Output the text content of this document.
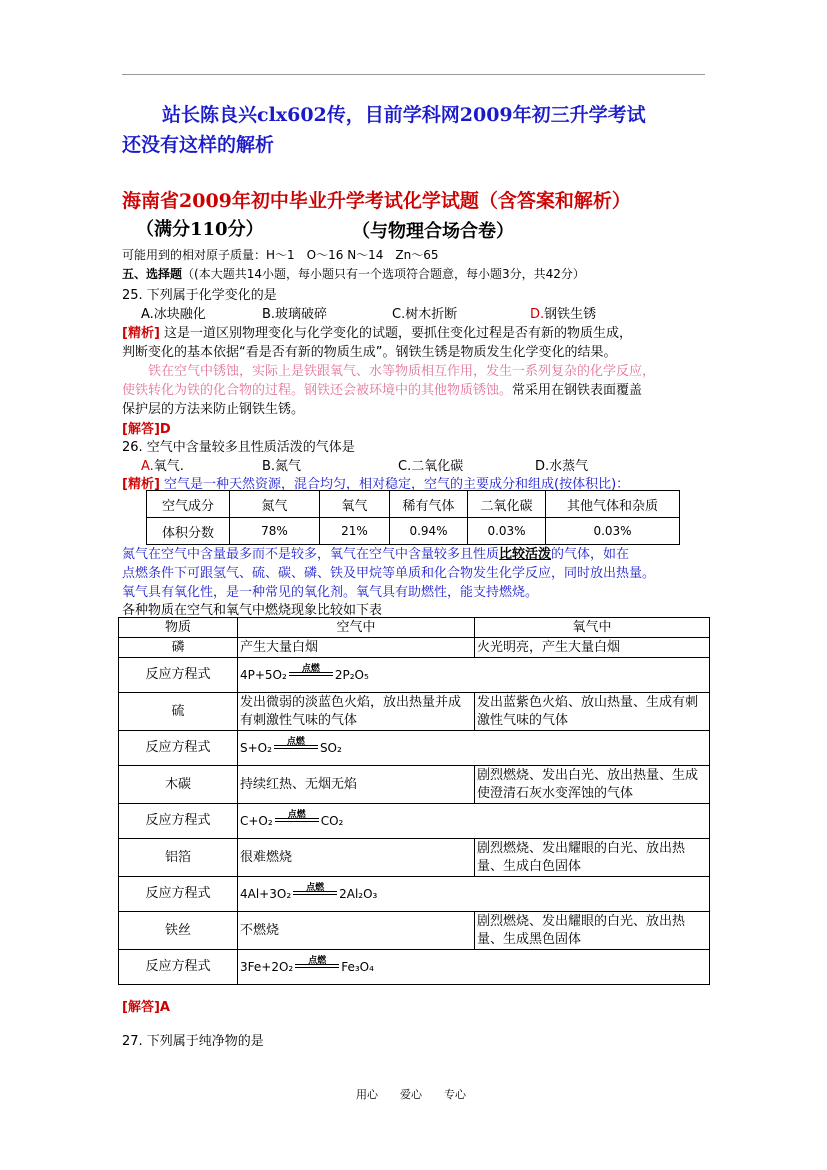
站长陈良兴clx602传，目前学科网2009年初三升学考试
还没有这样的解析
海南省2009年初中毕业升学考试化学试题（含答案和解析）
（满分110分）	（与物理合场合卷）
可能用到的相对原子质量：H～1　O～16 N～14　Zn～65
五、选择题（(本大题共14小题，每小题只有一个选项符合题意，每小题3分，共42分）
25. 下列属于化学变化的是
A.冰块融化	B.玻璃破碎	C.树木折断	D.钢铁生锈
[精析] 这是一道区别物理变化与化学变化的试题，要抓住变化过程是否有新的物质生成，
判断变化的基本依据“看是否有新的物质生成”。钢铁生锈是物质发生化学变化的结果。
铁在空气中锈蚀，实际上是铁跟氧气、水等物质相互作用，发生一系列复杂的化学反应，
使铁转化为铁的化合物的过程。钢铁还会被环境中的其他物质锈蚀。常采用在钢铁表面覆盖
保护层的方法来防止钢铁生锈。
[解答]D
26. 空气中含量较多且性质活泼的气体是
A.氧气.	B.氮气	C.二氧化碳	D.水蒸气
[精析] 空气是一种天然资源，混合均匀，相对稳定，空气的主要成分和组成(按体积比)：
空气成分	氮气	氧气	稀有气体	二氧化碳	其他气体和杂质
体积分数	78%	21%	0.94%	0.03%	0.03%
氮气在空气中含量最多而不是较多，氧气在空气中含量较多且性质比较活泼的气体，如在
点燃条件下可跟氢气、硫、碳、磷、铁及甲烷等单质和化合物发生化学反应，同时放出热量。
氧气具有氧化性，是一种常见的氧化剂。氧气具有助燃性，能支持燃烧。
各种物质在空气和氧气中燃烧现象比较如下表
物质	空气中	氧气中
磷	产生大量白烟	火光明亮，产生大量白烟
反应方程式	4P+5O₂ 点燃 2P₂O₅	
硫	发出微弱的淡蓝色火焰，放出热量并成有刺激性气味的气体	发出蓝紫色火焰、放山热量、生成有刺激性气味的气体
反应方程式	S+O₂ 点燃 SO₂	
木碳	持续红热、无烟无焰	剧烈燃烧、发出白光、放出热量、生成使澄清石灰水变浑蚀的气体
反应方程式	C+O₂ 点燃 CO₂	
铝箔	很难燃烧	剧烈燃烧、发出耀眼的白光、放出热量、生成白色固体
反应方程式	4Al+3O₂ 点燃 2Al₂O₃	
铁丝	不燃烧	剧烈燃烧、发出耀眼的白光、放出热量、生成黑色固体
反应方程式	3Fe+2O₂ 点燃 Fe₃O₄	
[解答]A
27. 下列属于纯净物的是
用心　　爱心　　专心
